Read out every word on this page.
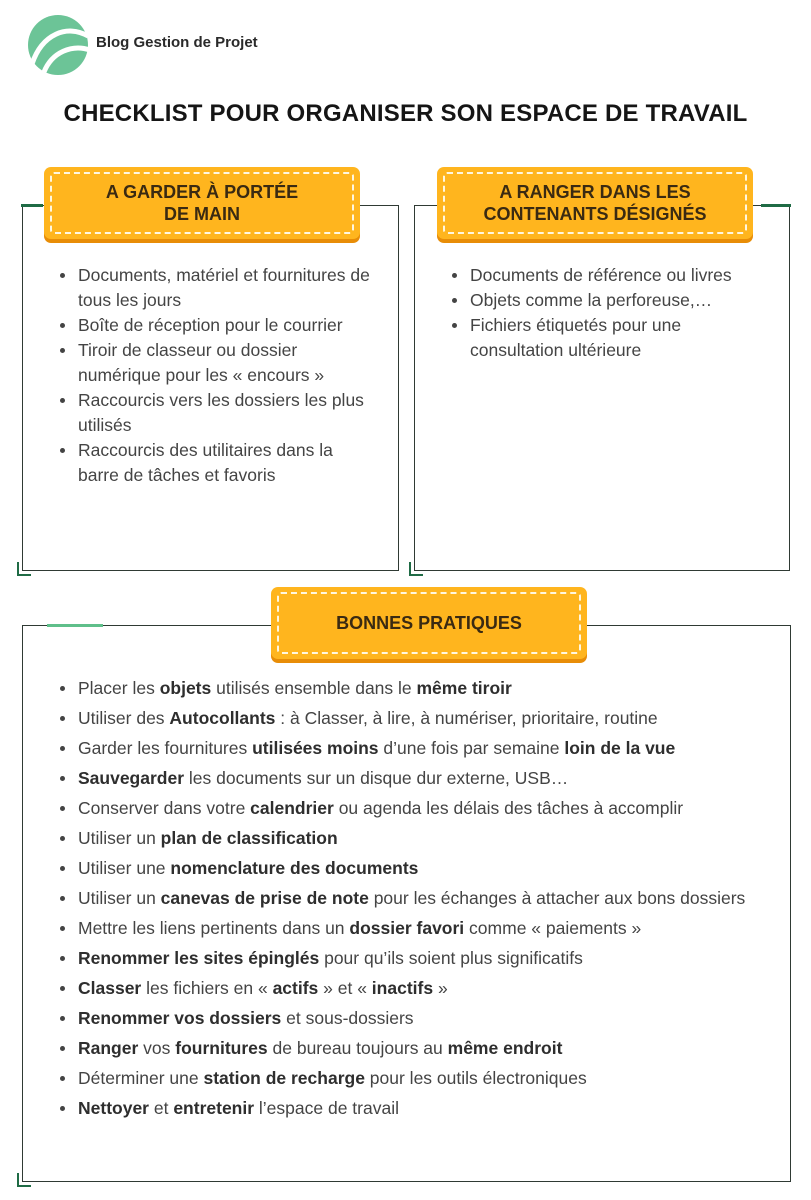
Blog Gestion de Projet
CHECKLIST POUR ORGANISER SON ESPACE DE TRAVAIL
A GARDER À PORTÉE
DE MAIN
A RANGER DANS LES
CONTENANTS DÉSIGNÉS
BONNES PRATIQUES
Documents, matériel et fournitures de tous les jours
Boîte de réception pour le courrier
Tiroir de classeur ou dossier numérique pour les « encours »
Raccourcis vers les dossiers les plus utilisés
Raccourcis des utilitaires dans la barre de tâches et favoris
Documents de référence ou livres
Objets comme la perforeuse,…
Fichiers étiquetés pour une consultation ultérieure
Placer les objets utilisés ensemble dans le même tiroir
Utiliser des Autocollants : à Classer, à lire, à numériser, prioritaire, routine
Garder les fournitures utilisées moins d’une fois par semaine loin de la vue
Sauvegarder les documents sur un disque dur externe, USB…
Conserver dans votre calendrier ou agenda les délais des tâches à accomplir
Utiliser un plan de classification
Utiliser une nomenclature des documents
Utiliser un canevas de prise de note pour les échanges à attacher aux bons dossiers
Mettre les liens pertinents dans un dossier favori comme « paiements »
Renommer les sites épinglés pour qu’ils soient plus significatifs
Classer les fichiers en « actifs » et « inactifs »
Renommer vos dossiers et sous-dossiers
Ranger vos fournitures de bureau toujours au même endroit
Déterminer une station de recharge pour les outils électroniques
Nettoyer et entretenir l’espace de travail
